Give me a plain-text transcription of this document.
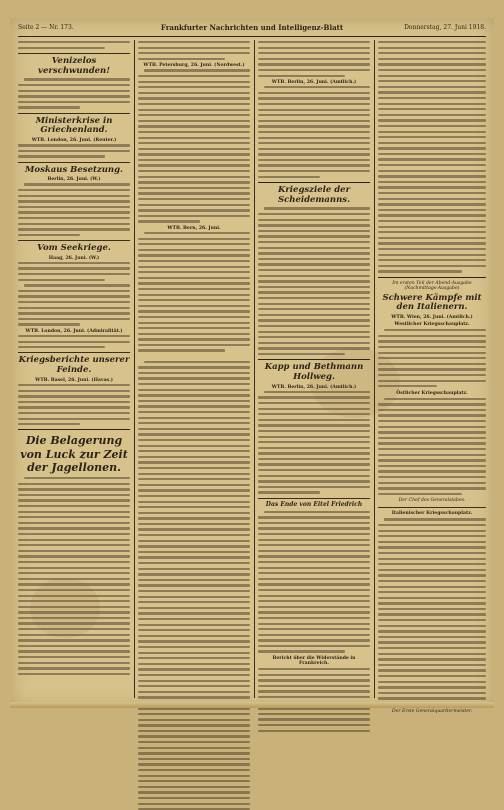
Seite 2 — Nr. 173.	Frankfurter Nachrichten und Intelligenz-Blatt	Donnerstag, 27. Juni 1918.
Venizelos verschwunden!
Ministerkrise in Griechenland.
WTB. London, 26. Juni. (Reuter.)
Moskaus Besetzung.
Berlin, 26. Juni. (W.)
Vom Seekriege.
Haag, 26. Juni. (W.)
WTB. London, 26. Juni. (Admiralität.)
Kriegsberichte unserer Feinde.
WTB. Basel, 26. Juni. (Havas.)
Die Belagerung von Luck zur Zeit der Jagellonen.
WTB. Petersburg, 26. Juni. (Nordwest.)
WTB. Bern, 26. Juni.
WTB. Berlin, 26. Juni. (Amtlich.)
Kriegsziele der Scheidemanns.
Kapp und Bethmann Hollweg.
WTB. Berlin, 26. Juni. (Amtlich.)
Das Ende von Eitel Friedrich
Bericht über die Widerstände in Frankreich.
Im ersten Teil der Abend-Ausgabe (Nachmittags-Ausgabe)
Schwere Kämpfe mit den Italienern.
WTB. Wien, 26. Juni. (Amtlich.)
Westlicher Kriegsschauplatz.
Östlicher Kriegsschauplatz.
Der Chef des Generalstabes.
Italienischer Kriegsschauplatz.
Der Erste Generalquartiermeister.
